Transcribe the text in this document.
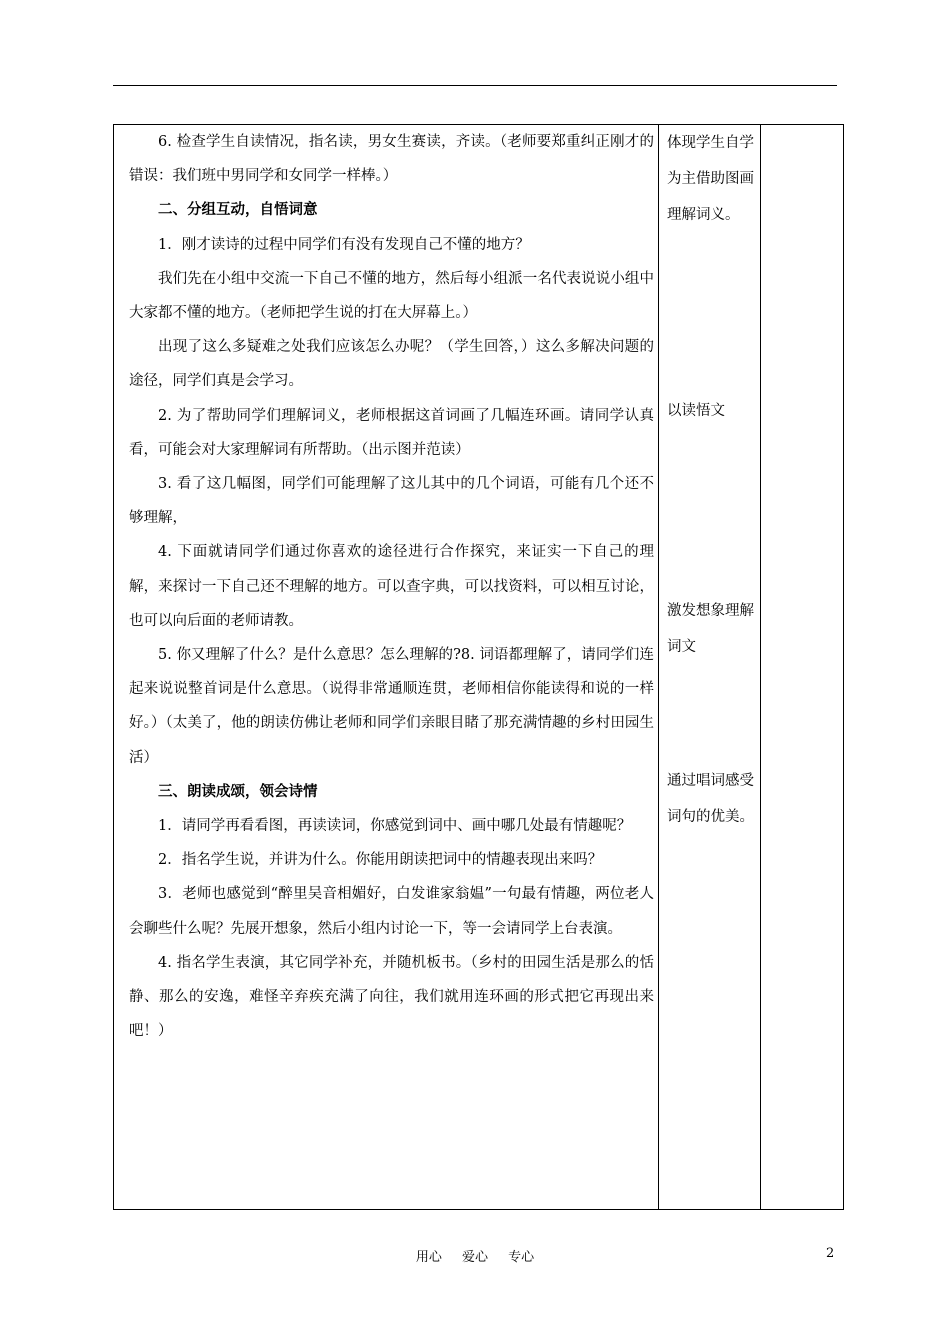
6. 检查学生自读情况，指名读，男女生赛读，齐读。（老师要郑重纠正刚才的错误：我们班中男同学和女同学一样棒。）

二、分组互动，自悟词意

1．刚才读诗的过程中同学们有没有发现自己不懂的地方？

我们先在小组中交流一下自己不懂的地方，然后每小组派一名代表说说小组中大家都不懂的地方。（老师把学生说的打在大屏幕上。）

出现了这么多疑难之处我们应该怎么办呢？（学生回答，）这么多解决问题的途径，同学们真是会学习。

2. 为了帮助同学们理解词义，老师根据这首词画了几幅连环画。请同学认真看，可能会对大家理解词有所帮助。（出示图并范读）

3. 看了这几幅图，同学们可能理解了这儿其中的几个词语，可能有几个还不够理解，

4. 下面就请同学们通过你喜欢的途径进行合作探究，来证实一下自己的理解，来探讨一下自己还不理解的地方。可以查字典，可以找资料，可以相互讨论，也可以向后面的老师请教。

5. 你又理解了什么？是什么意思？怎么理解的?8. 词语都理解了，请同学们连起来说说整首词是什么意思。（说得非常通顺连贯，老师相信你能读得和说的一样好。）（太美了，他的朗读仿佛让老师和同学们亲眼目睹了那充满情趣的乡村田园生活）

三、朗读成颂，领会诗情

1．请同学再看看图，再读读词，你感觉到词中、画中哪几处最有情趣呢？

2．指名学生说，并讲为什么。你能用朗读把词中的情趣表现出来吗？

3．老师也感觉到“醉里吴音相媚好，白发谁家翁媪”一句最有情趣，两位老人会聊些什么呢？先展开想象，然后小组内讨论一下，等一会请同学上台表演。

4. 指名学生表演，其它同学补充，并随机板书。（乡村的田园生活是那么的恬静、那么的安逸，难怪辛弃疾充满了向往，我们就用连环画的形式把它再现出来吧！）

体现学生自学为主借助图画理解词义。
以读悟文
激发想象理解词文
通过唱词感受词句的优美。
用心 爱心 专心	2
